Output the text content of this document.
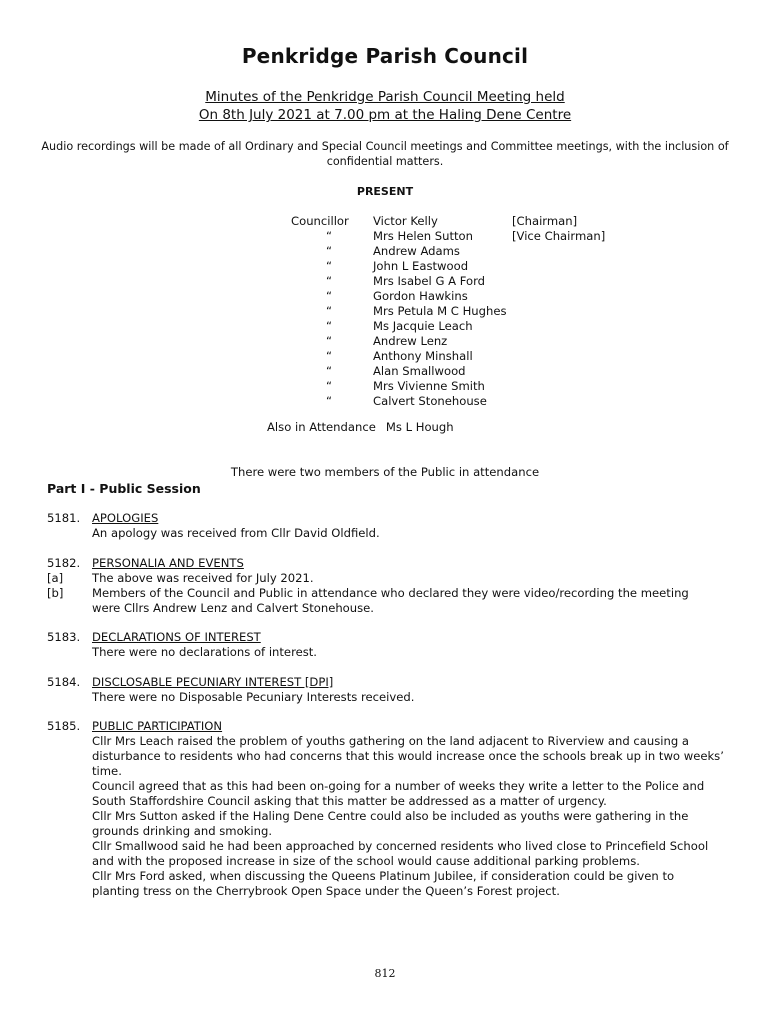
Penkridge Parish Council
Minutes of the Penkridge Parish Council Meeting held
On 8th July 2021 at 7.00 pm at the Haling Dene Centre
Audio recordings will be made of all Ordinary and Special Council meetings and Committee meetings, with the inclusion of confidential matters.
PRESENT
Councillor Victor Kelly	[Chairman]
“	Mrs Helen Sutton	[Vice Chairman]
“	Andrew Adams
“	John L Eastwood
“	Mrs Isabel G A Ford
“	Gordon Hawkins
“	Mrs Petula M C Hughes
“	Ms Jacquie Leach
“	Andrew Lenz
“	Anthony Minshall
“	Alan Smallwood
“	Mrs Vivienne Smith
“	Calvert Stonehouse
Also in Attendance Ms L Hough
There were two members of the Public in attendance
Part I - Public Session
5181. APOLOGIES
An apology was received from Cllr David Oldfield.
5182. PERSONALIA AND EVENTS
[a] The above was received for July 2021.
[b] Members of the Council and Public in attendance who declared they were video/recording the meeting were Cllrs Andrew Lenz and Calvert Stonehouse.
5183. DECLARATIONS OF INTEREST
There were no declarations of interest.
5184. DISCLOSABLE PECUNIARY INTEREST [DPI]
There were no Disposable Pecuniary Interests received.
5185. PUBLIC PARTICIPATION

Cllr Mrs Leach raised the problem of youths gathering on the land adjacent to Riverview and causing a disturbance to residents who had concerns that this would increase once the schools break up in two weeks’ time.

Council agreed that as this had been on-going for a number of weeks they write a letter to the Police and South Staffordshire Council asking that this matter be addressed as a matter of urgency.

Cllr Mrs Sutton asked if the Haling Dene Centre could also be included as youths were gathering in the grounds drinking and smoking.

Cllr Smallwood said he had been approached by concerned residents who lived close to Princefield School and with the proposed increase in size of the school would cause additional parking problems.

Cllr Mrs Ford asked, when discussing the Queens Platinum Jubilee, if consideration could be given to planting tress on the Cherrybrook Open Space under the Queen’s Forest project.

812
